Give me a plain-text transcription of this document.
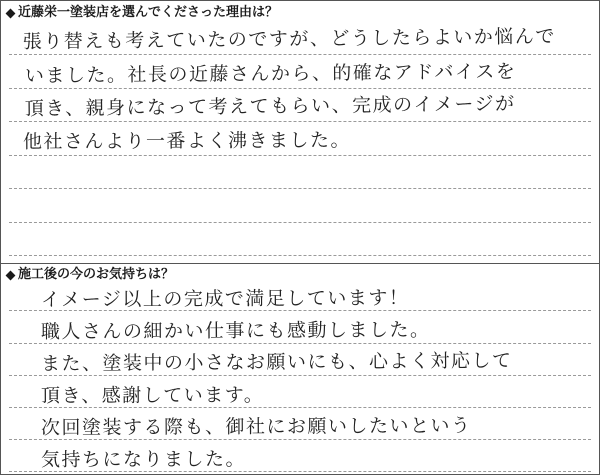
近藤栄一塗装店を選んでくださった理由は？
張り替えも考えていたのですが、どうしたらよいか悩んで
いました。社長の近藤さんから、的確なアドバイスを
頂き、親身になって考えてもらい、完成のイメージが
他社さんより一番よく沸きました。
施工後の今のお気持ちは？
イメージ以上の完成で満足しています！
職人さんの細かい仕事にも感動しました。
また、塗装中の小さなお願いにも、心よく対応して
頂き、感謝しています。
次回塗装する際も、御社にお願いしたいという
気持ちになりました。
